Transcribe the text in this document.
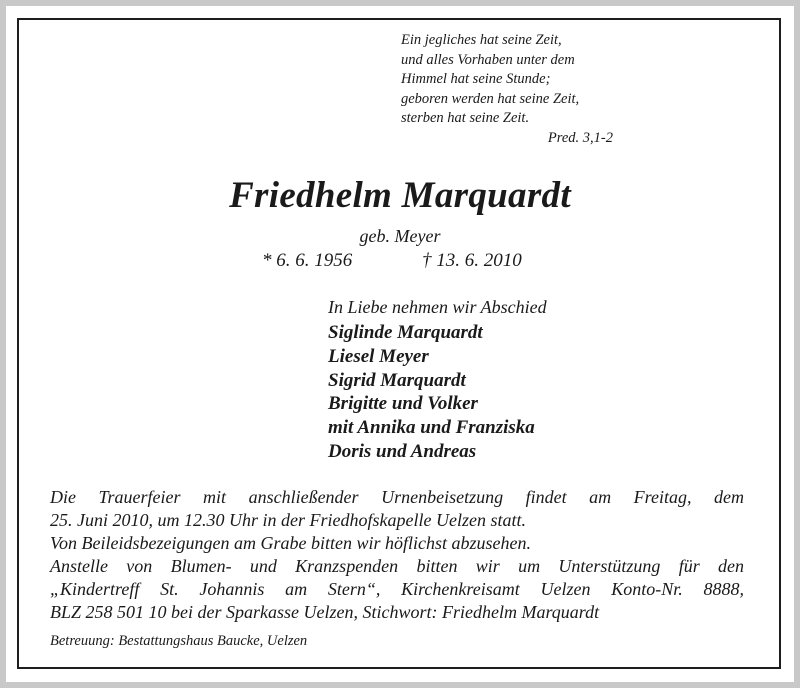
Ein jegliches hat seine Zeit,
und alles Vorhaben unter dem
Himmel hat seine Stunde;
geboren werden hat seine Zeit,
sterben hat seine Zeit.
Pred. 3,1-2
Friedhelm Marquardt
geb. Meyer
* 6. 6. 1956	† 13. 6. 2010
In Liebe nehmen wir Abschied
Siglinde Marquardt
Liesel Meyer
Sigrid Marquardt
Brigitte und Volker
mit Annika und Franziska
Doris und Andreas
Die Trauerfeier mit anschließender Urnenbeisetzung findet am Freitag, dem
25. Juni 2010, um 12.30 Uhr in der Friedhofskapelle Uelzen statt.
Von Beileidsbezeigungen am Grabe bitten wir höflichst abzusehen.
Anstelle von Blumen- und Kranzspenden bitten wir um Unterstützung für den
„Kindertreff St. Johannis am Stern“, Kirchenkreisamt Uelzen Konto-Nr. 8888,
BLZ 258 501 10 bei der Sparkasse Uelzen, Stichwort: Friedhelm Marquardt
Betreuung: Bestattungshaus Baucke, Uelzen
